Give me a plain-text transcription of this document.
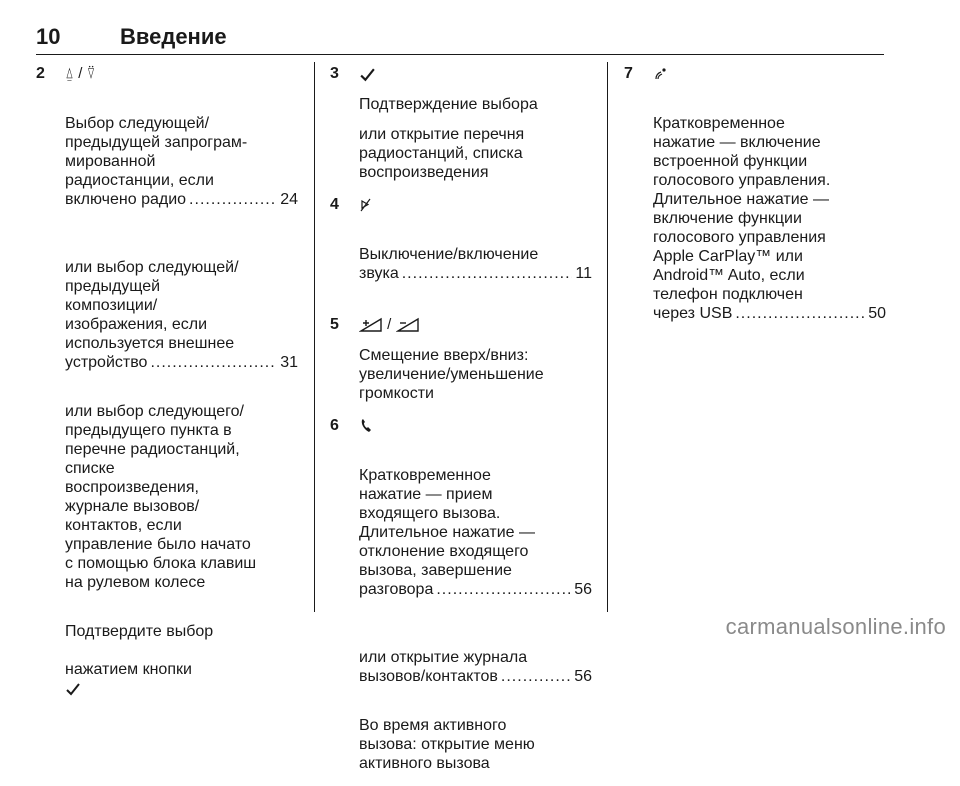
10	Введение
2 ⍙ / ⍢

Выбор следующей/
предыдущей запрограм-
мированной
радиостанции, если

включено радио .....	24

или выбор следующей/
предыдущей
композиции/
изображения, если
используется внешнее

устройство .....	31

или выбор следующего/
предыдущего пункта в
перечне радиостанций,
списке
воспроизведения,
журнале вызовов/
контактов, если
управление было начато
с помощью блока клавиш
на рулевом колесе

Подтвердите выбор

нажатием кнопки

3
Подтверждение выбора
или открытие перечня
радиостанций, списка
воспроизведения
4

Выключение/включение

звука .....	11

5	/
Смещение вверх/вниз:
увеличение/уменьшение
громкости
6

Кратковременное
нажатие — прием
входящего вызова.
Длительное нажатие —
отклонение входящего
вызова, завершение

разговора .....	56

или открытие журнала

вызовов/контактов .....	56

Во время активного
вызова: открытие меню
активного вызова
7

Кратковременное
нажатие — включение
встроенной функции
голосового управления.
Длительное нажатие —
включение функции
голосового управления
Apple CarPlay™ или
Android™ Auto, если
телефон подключен

через USB .....	50

carmanualsonline.info
